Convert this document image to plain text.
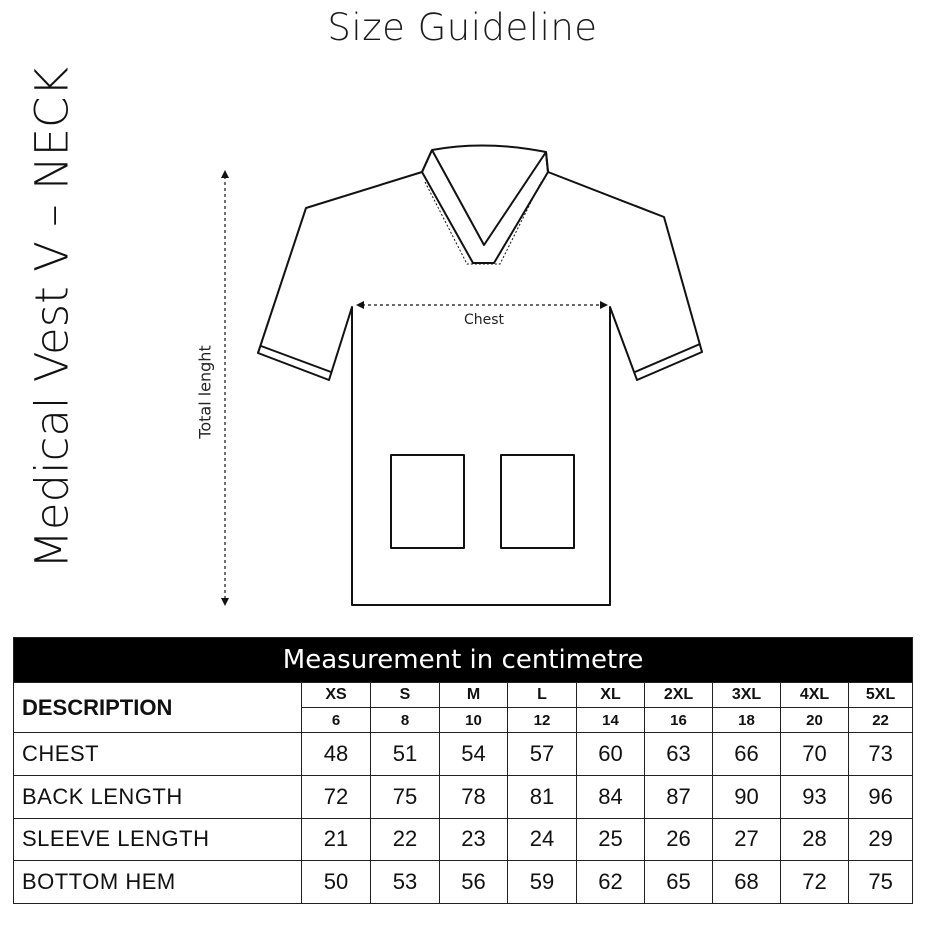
Size Guideline
Medical Vest V – NECK	Total lenght
Chest
Measurement in centimetre									
DESCRIPTION	XS	S	M	L	XL	2XL	3XL	4XL	5XL
	6	8	10	12	14	16	18	20	22
CHEST	48	51	54	57	60	63	66	70	73
BACK LENGTH	72	75	78	81	84	87	90	93	96
SLEEVE LENGTH	21	22	23	24	25	26	27	28	29
BOTTOM HEM	50	53	56	59	62	65	68	72	75
